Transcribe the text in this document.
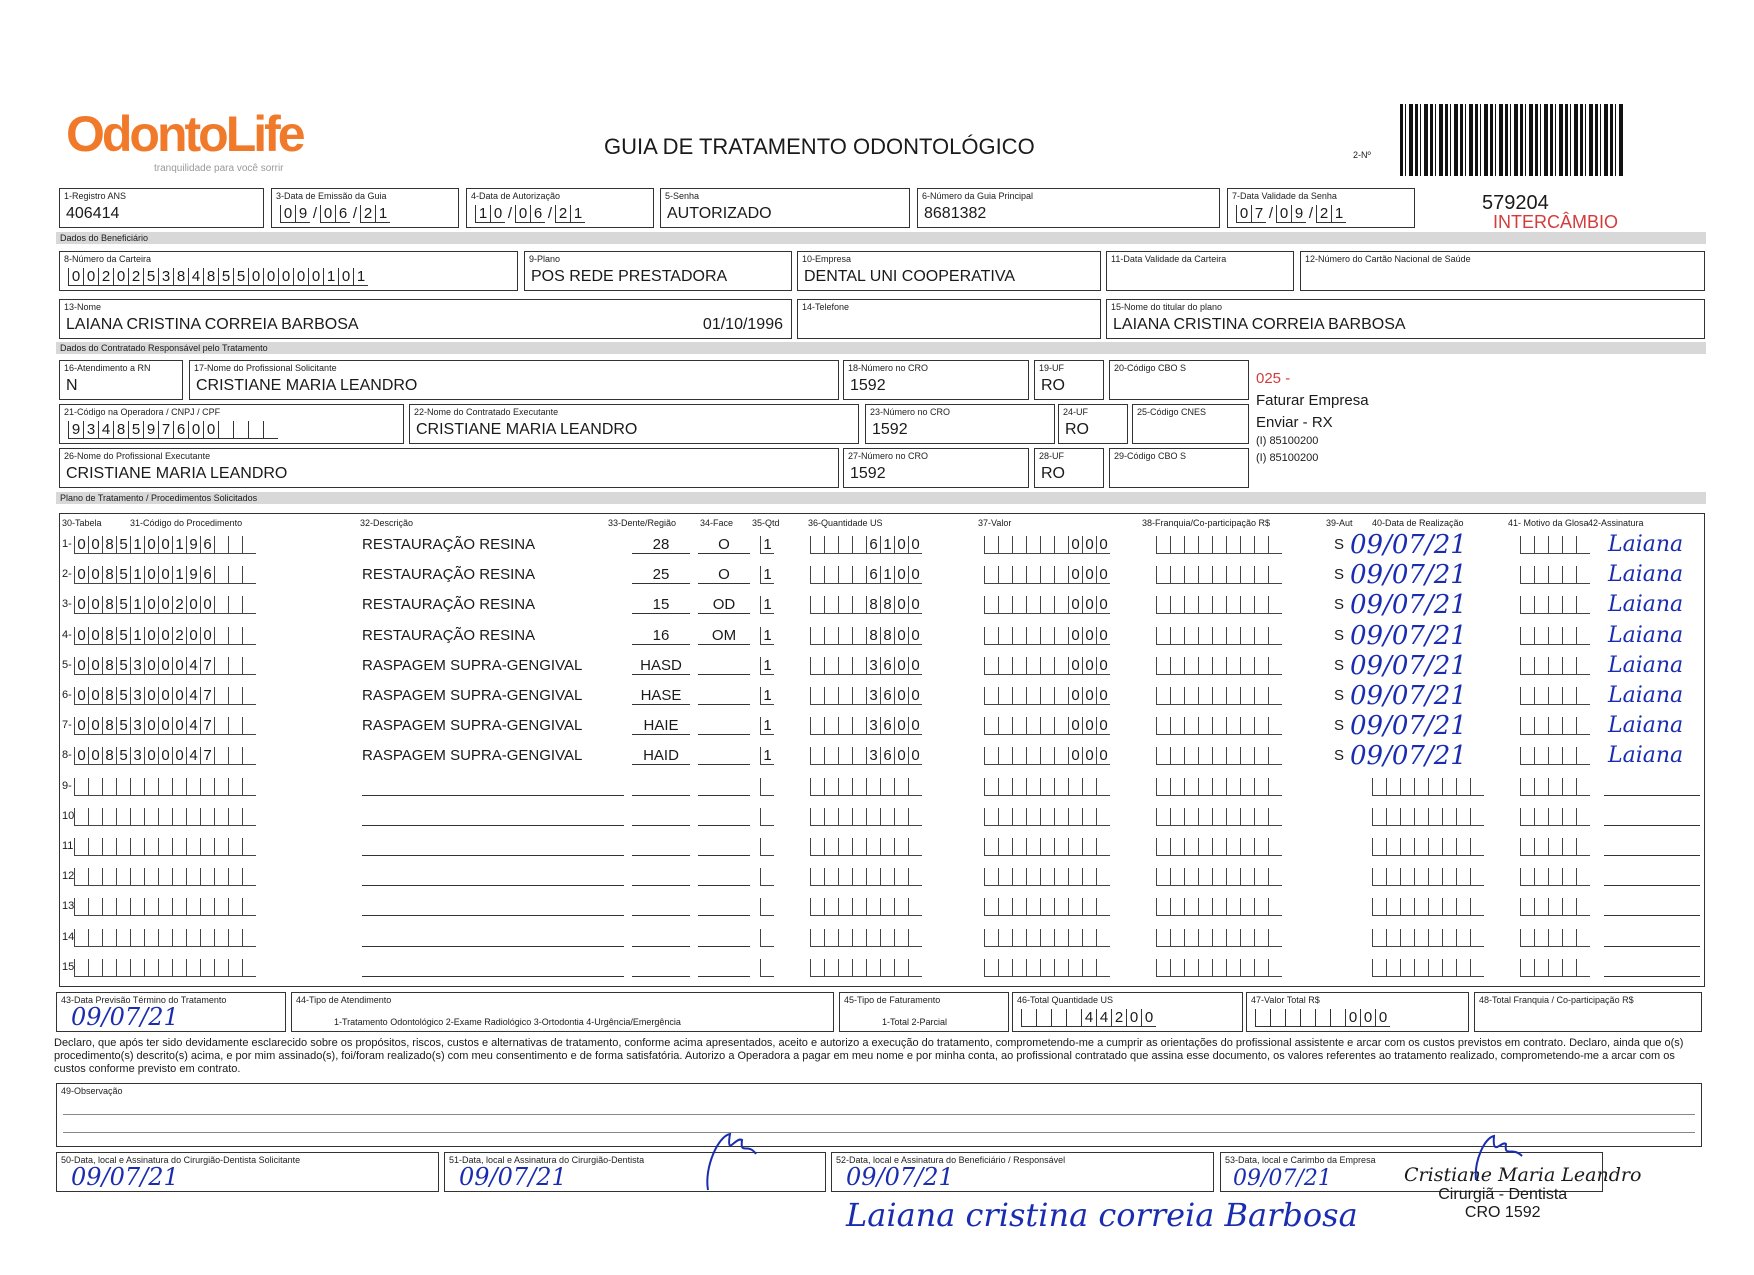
OdontoLife
tranquilidade para você sorrir
GUIA DE TRATAMENTO ODONTOLÓGICO	2-Nº
579204
INTERCÂMBIO
1-Registro ANS
406414
3-Data de Emissão da Guia
0 9 / 0 6 / 2 1
4-Data de Autorização
1 0 / 0 6 / 2 1
5-Senha
AUTORIZADO
6-Número da Guia Principal
8681382
7-Data Validade da Senha
0 7 / 0 9 / 2 1
Dados do Beneficiário
8-Número da Carteira
0 0 2 0 2 5 3 8 4 8 5 5 0 0 0 0 0 1 0 1
9-Plano
POS REDE PRESTADORA
10-Empresa
DENTAL UNI COOPERATIVA
11-Data Validade da Carteira	12-Número do Cartão Nacional de Saúde
13-Nome
LAIANA CRISTINA CORREIA BARBOSA	01/10/1996
14-Telefone	15-Nome do titular do plano
LAIANA CRISTINA CORREIA BARBOSA
Dados do Contratado Responsável pelo Tratamento
16-Atendimento a RN
N
17-Nome do Profissional Solicitante
CRISTIANE MARIA LEANDRO
18-Número no CRO
1592
19-UF
RO
20-Código CBO S
21-Código na Operadora / CNPJ / CPF
9 3 4 8 5 9 7 6 0 0
22-Nome do Contratado Executante
CRISTIANE MARIA LEANDRO
23-Número no CRO
1592
24-UF
RO
25-Código CNES
26-Nome do Profissional Executante
CRISTIANE MARIA LEANDRO
27-Número no CRO
1592
28-UF
RO
29-Código CBO S
025 -
Faturar Empresa
Enviar - RX
(I) 85100200
(I) 85100200
Plano de Tratamento / Procedimentos Solicitados
30-Tabela	31-Código do Procedimento	32-Descrição	33-Dente/Região	34-Face 35-Qtd	36-Quantidade US	37-Valor	38-Franquia/Co-participação R$	39-Aut 40-Data de Realização	41- Motivo da Glosa 42-Assinatura
1- 0 0 8 5 1 0 0 1 9 6	RESTAURAÇÃO RESINA	28	O	1	6 1 0 0	0 0 0	S 09/07/21	Laiana
2- 0 0 8 5 1 0 0 1 9 6	RESTAURAÇÃO RESINA	25	O	1	6 1 0 0	0 0 0	S 09/07/21	Laiana
3- 0 0 8 5 1 0 0 2 0 0	RESTAURAÇÃO RESINA	15	OD	1	8 8 0 0	0 0 0	S 09/07/21	Laiana
4- 0 0 8 5 1 0 0 2 0 0	RESTAURAÇÃO RESINA	16	OM	1	8 8 0 0	0 0 0	S 09/07/21	Laiana
5- 0 0 8 5 3 0 0 0 4 7	RASPAGEM SUPRA-GENGIVAL	HASD	1	3 6 0 0	0 0 0	S 09/07/21	Laiana
6- 0 0 8 5 3 0 0 0 4 7	RASPAGEM SUPRA-GENGIVAL	HASE	1	3 6 0 0	0 0 0	S 09/07/21	Laiana
7- 0 0 8 5 3 0 0 0 4 7	RASPAGEM SUPRA-GENGIVAL	HAIE	1	3 6 0 0	0 0 0	S 09/07/21	Laiana
8- 0 0 8 5 3 0 0 0 4 7	RASPAGEM SUPRA-GENGIVAL	HAID	1	3 6 0 0	0 0 0	S 09/07/21	Laiana
9-
10
11
12
13
14
15
43-Data Previsão Término do Tratamento
09/07/21
44-Tipo de Atendimento
1-Tratamento Odontológico 2-Exame Radiológico 3-Ortodontia 4-Urgência/Emergência
45-Tipo de Faturamento
1-Total 2-Parcial
46-Total Quantidade US
4 4 2 0 0
47-Valor Total R$
0 0 0
48-Total Franquia / Co-participação R$
Declaro, que após ter sido devidamente esclarecido sobre os propósitos, riscos, custos e alternativas de tratamento, conforme acima apresentados, aceito e autorizo a execução do tratamento, comprometendo-me a cumprir as orientações do profissional assistente e arcar com os custos previstos em contrato. Declaro, ainda que o(s) procedimento(s) descrito(s) acima, e por mim assinado(s), foi/foram realizado(s) com meu consentimento e de forma satisfatória. Autorizo a Operadora a pagar em meu nome e por minha conta, ao profissional contratado que assina esse documento, os valores referentes ao tratamento realizado, comprometendo-me a arcar com os custos conforme previsto em contrato.
49-Observação
50-Data, local e Assinatura do Cirurgião-Dentista Solicitante
09/07/21
51-Data, local e Assinatura do Cirurgião-Dentista
09/07/21
52-Data, local e Assinatura do Beneficiário / Responsável
09/07/21
53-Data, local e Carimbo da Empresa
09/07/21	Cristiane Maria Leandro
Cirurgiã - Dentista
CRO 1592
Laiana cristina correia Barbosa
